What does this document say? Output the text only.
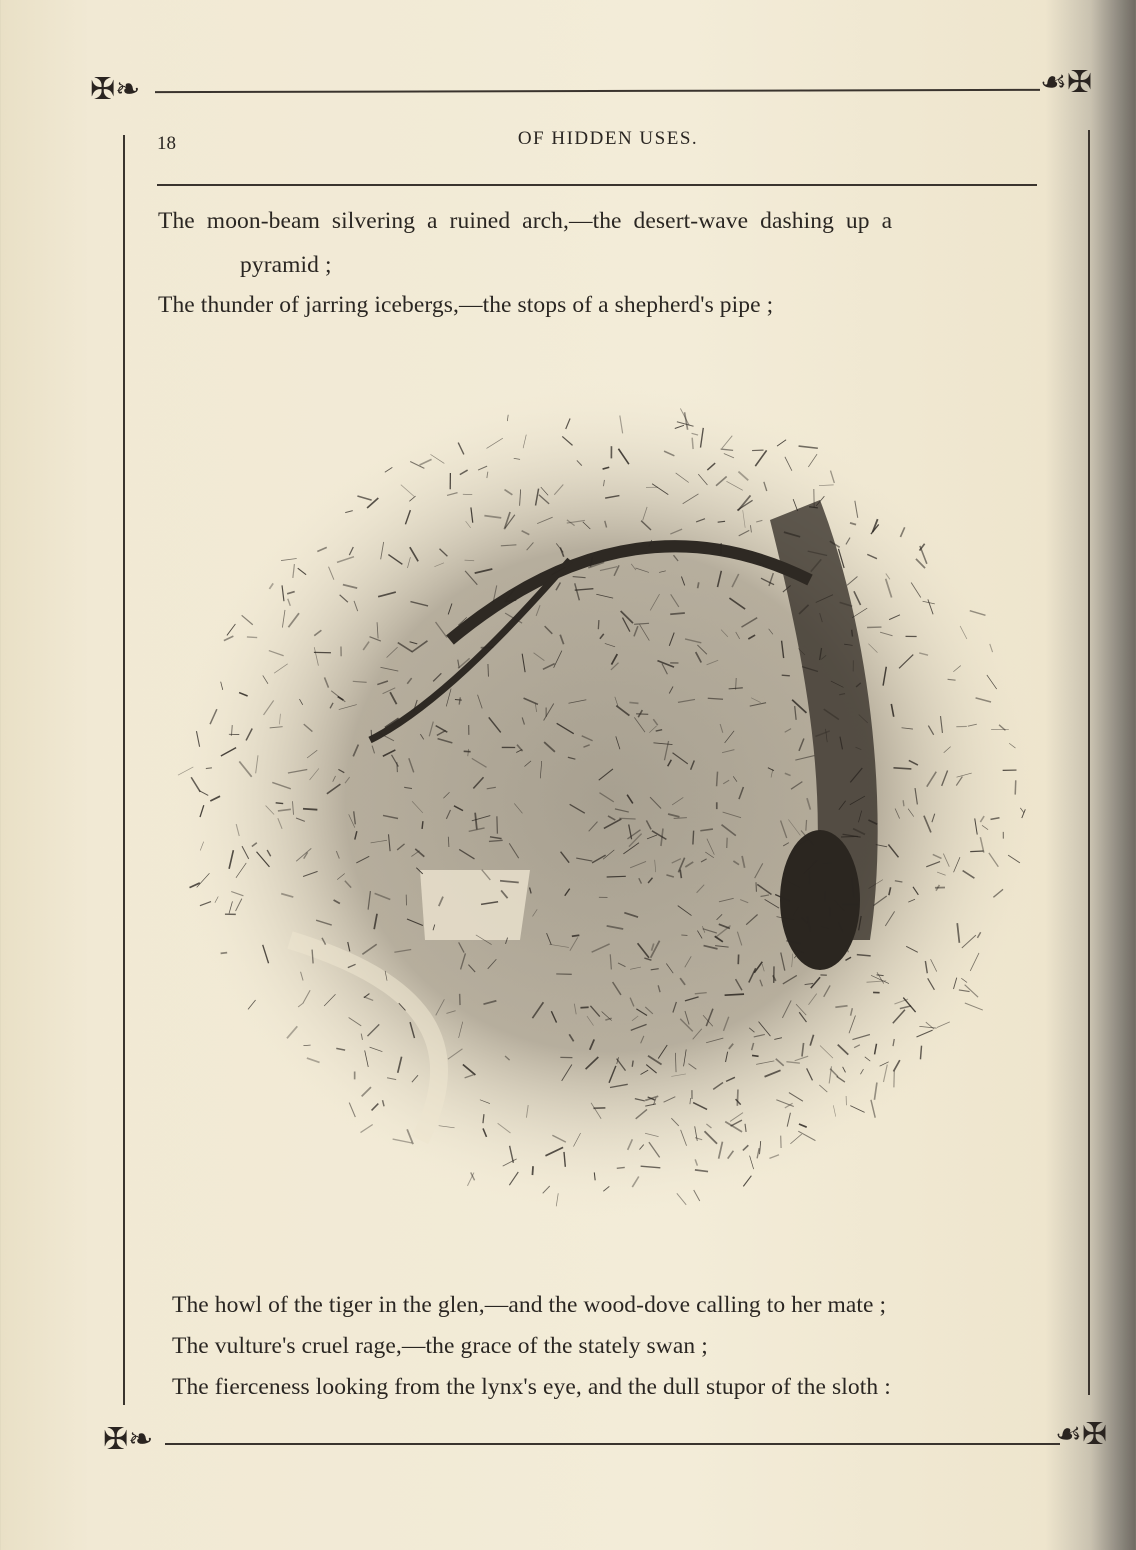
✠❧	☙✠
✠❧	☙✠
18	OF HIDDEN USES.
The moon-beam silvering a ruined arch,—the desert-wave dashing up a
pyramid ;
The thunder of jarring icebergs,—the stops of a shepherd's pipe ;
The howl of the tiger in the glen,—and the wood-dove calling to her mate ;
The vulture's cruel rage,—the grace of the stately swan ;
The fierceness looking from the lynx's eye, and the dull stupor of the sloth :
